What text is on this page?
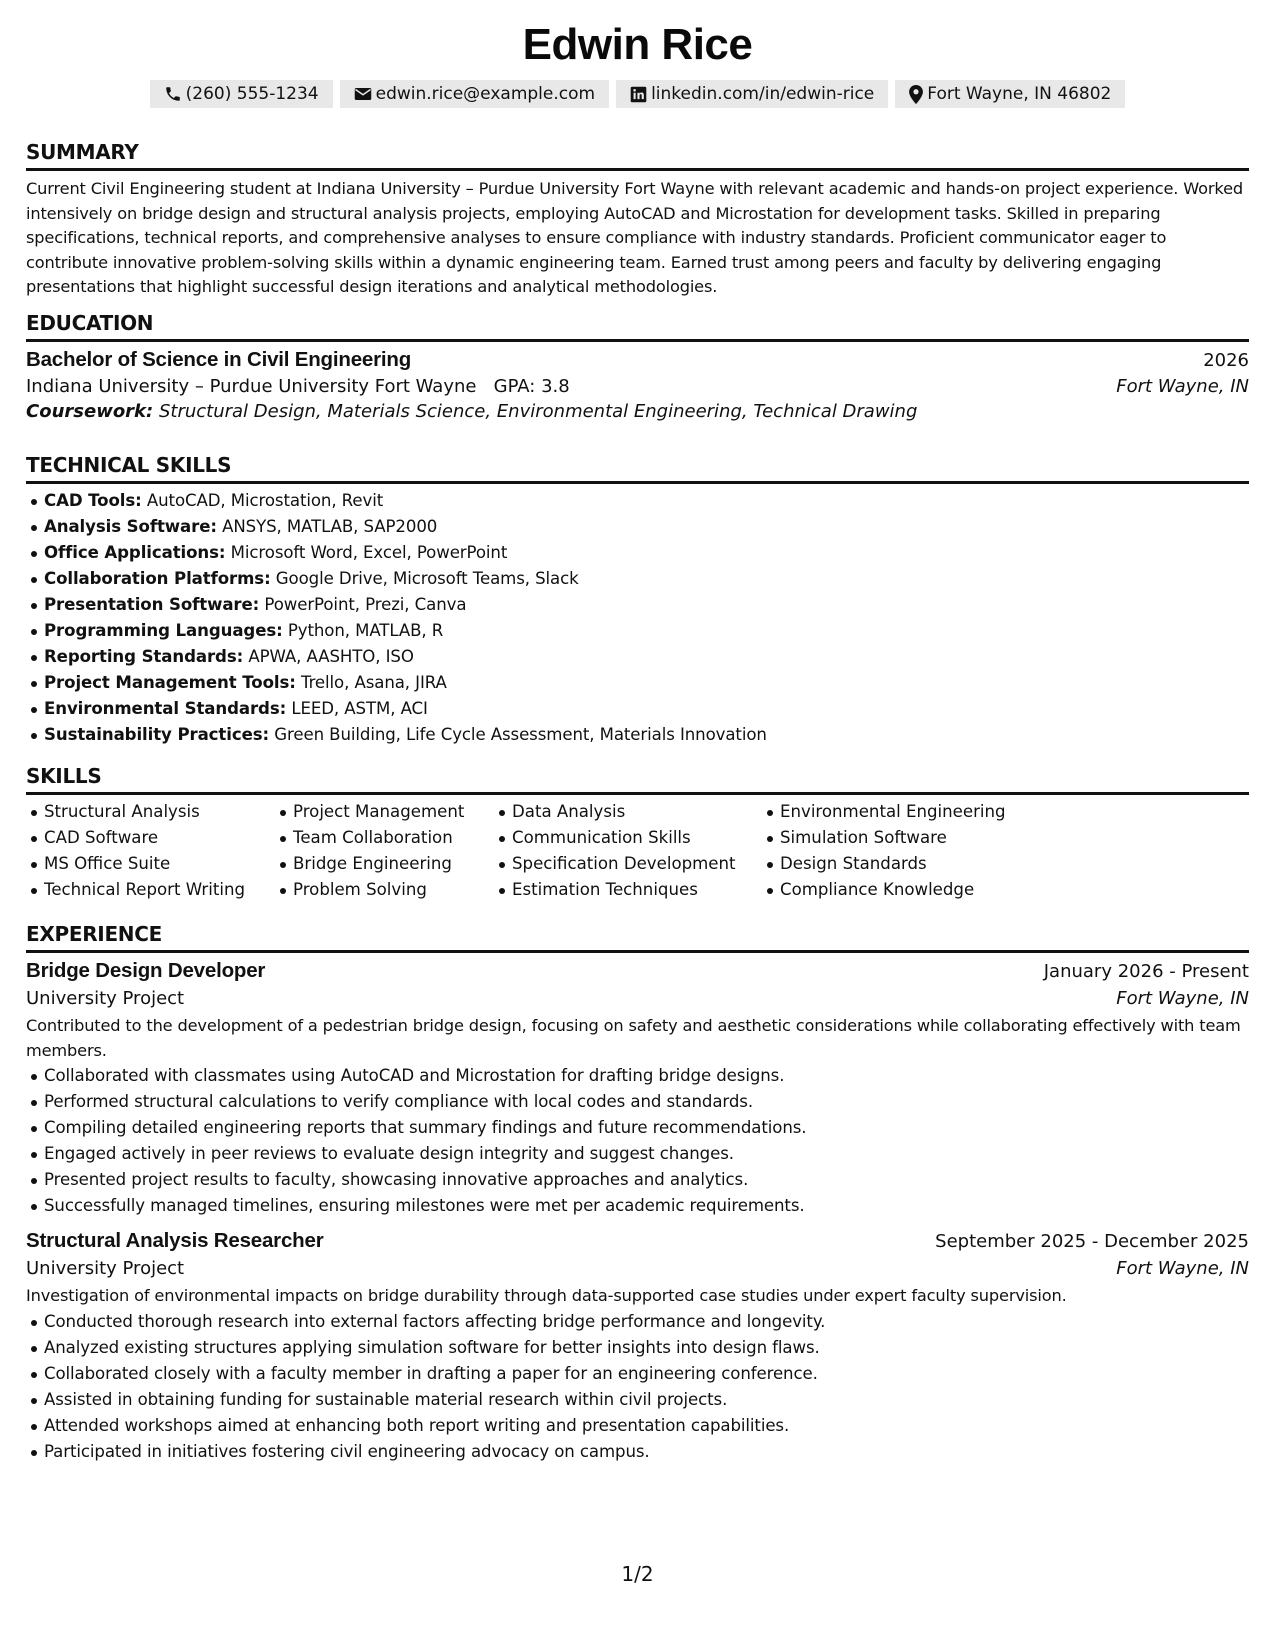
Edwin Rice
(260) 555-1234	edwin.rice@example.com	linkedin.com/in/edwin-rice	Fort Wayne, IN 46802
SUMMARY
Current Civil Engineering student at Indiana University – Purdue University Fort Wayne with relevant academic and hands-on project experience. Worked intensively on bridge design and structural analysis projects, employing AutoCAD and Microstation for development tasks. Skilled in preparing specifications, technical reports, and comprehensive analyses to ensure compliance with industry standards. Proficient communicator eager to contribute innovative problem-solving skills within a dynamic engineering team. Earned trust among peers and faculty by delivering engaging presentations that highlight successful design iterations and analytical methodologies.
EDUCATION
Bachelor of Science in Civil Engineering	2026
Indiana University – Purdue University Fort Wayne GPA: 3.8	Fort Wayne, IN
Coursework: Structural Design, Materials Science, Environmental Engineering, Technical Drawing
TECHNICAL SKILLS
CAD Tools: AutoCAD, Microstation, Revit
Analysis Software: ANSYS, MATLAB, SAP2000
Office Applications: Microsoft Word, Excel, PowerPoint
Collaboration Platforms: Google Drive, Microsoft Teams, Slack
Presentation Software: PowerPoint, Prezi, Canva
Programming Languages: Python, MATLAB, R
Reporting Standards: APWA, AASHTO, ISO
Project Management Tools: Trello, Asana, JIRA
Environmental Standards: LEED, ASTM, ACI
Sustainability Practices: Green Building, Life Cycle Assessment, Materials Innovation
SKILLS
Structural Analysis
CAD Software
MS Office Suite
Technical Report Writing
Project Management
Team Collaboration
Bridge Engineering
Problem Solving
Data Analysis
Communication Skills
Specification Development
Estimation Techniques
Environmental Engineering
Simulation Software
Design Standards
Compliance Knowledge
EXPERIENCE
Bridge Design Developer	January 2026 - Present
University Project	Fort Wayne, IN
Contributed to the development of a pedestrian bridge design, focusing on safety and aesthetic considerations while collaborating effectively with team members.
Collaborated with classmates using AutoCAD and Microstation for drafting bridge designs.
Performed structural calculations to verify compliance with local codes and standards.
Compiling detailed engineering reports that summary findings and future recommendations.
Engaged actively in peer reviews to evaluate design integrity and suggest changes.
Presented project results to faculty, showcasing innovative approaches and analytics.
Successfully managed timelines, ensuring milestones were met per academic requirements.
Structural Analysis Researcher	September 2025 - December 2025
University Project	Fort Wayne, IN
Investigation of environmental impacts on bridge durability through data-supported case studies under expert faculty supervision.
Conducted thorough research into external factors affecting bridge performance and longevity.
Analyzed existing structures applying simulation software for better insights into design flaws.
Collaborated closely with a faculty member in drafting a paper for an engineering conference.
Assisted in obtaining funding for sustainable material research within civil projects.
Attended workshops aimed at enhancing both report writing and presentation capabilities.
Participated in initiatives fostering civil engineering advocacy on campus.
1/2
